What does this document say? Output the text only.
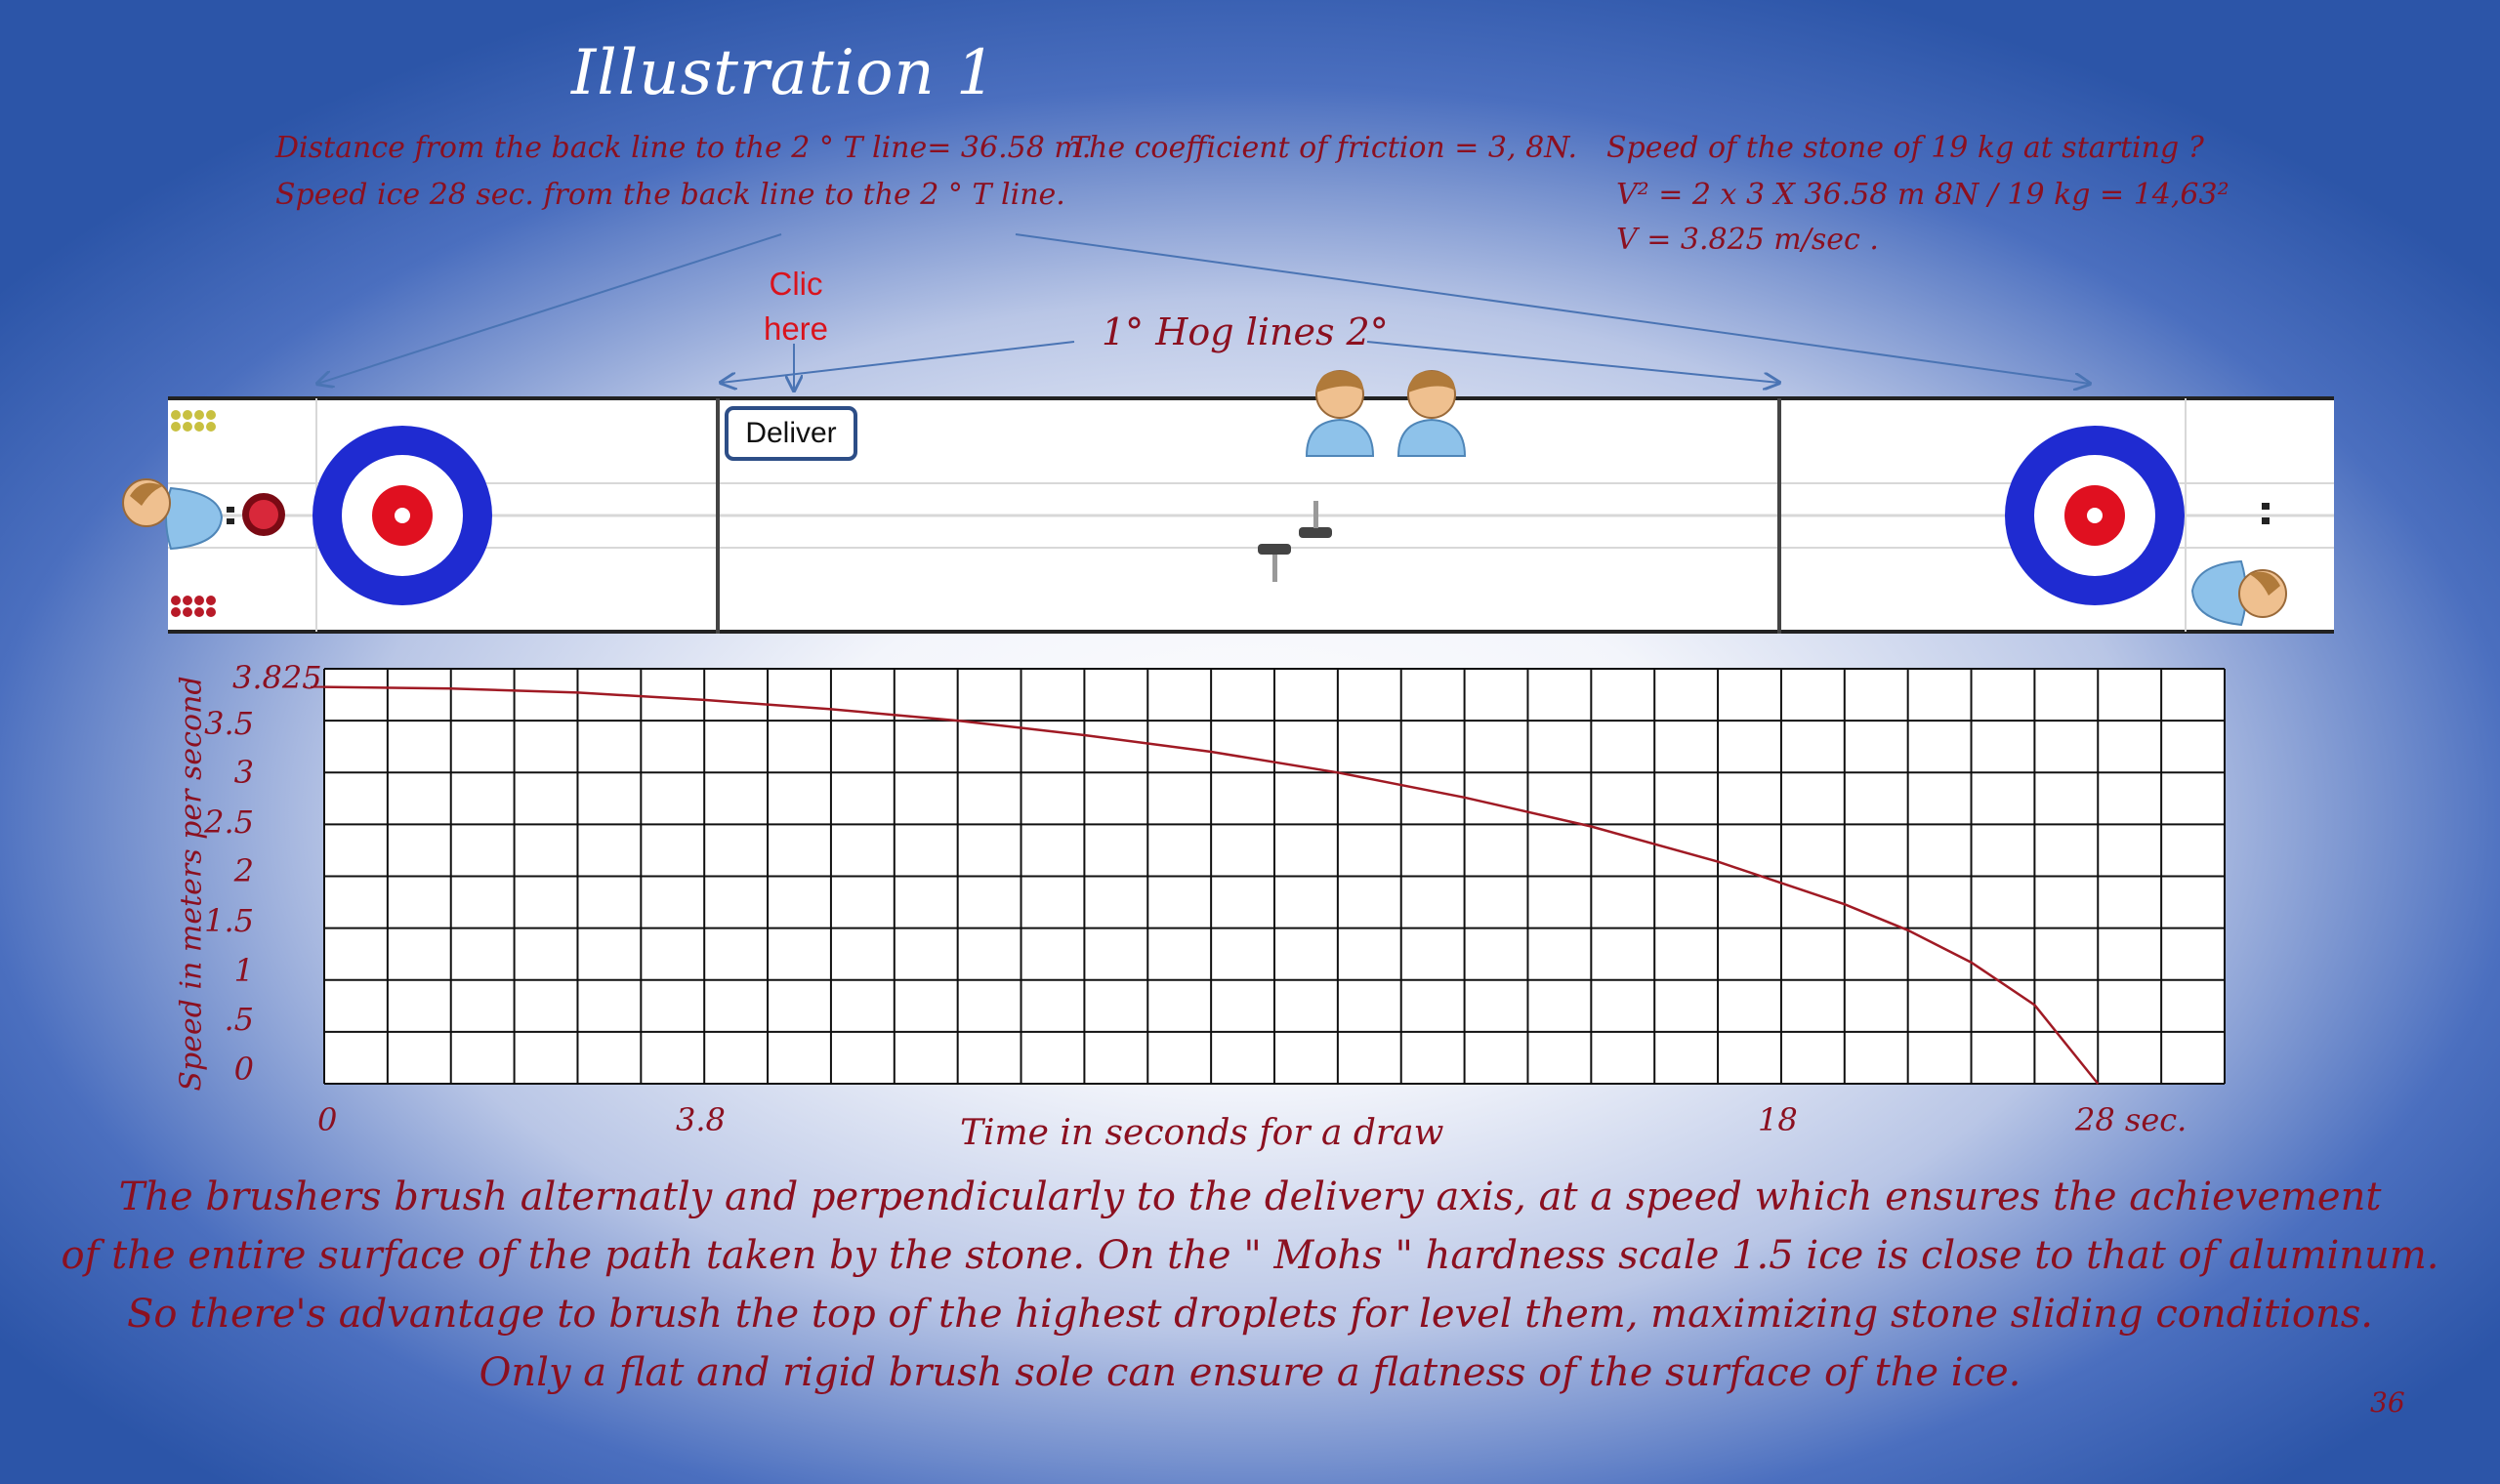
Illustration 1
Distance from the back line to the 2 ° T line= 36.58 m.
Speed ice 28 sec. from the back line to the 2 ° T line.
The coefficient of friction = 3, 8N. Speed of the stone of 19 kg at starting ?
V² = 2 x 3 X 36.58 m 8N / 19 kg = 14,63²
V = 3.825 m/sec .
Clic
here	1° Hog lines 2°
Deliver
Speed in meters per second
Time in seconds for a draw
3.825
3.5
3
2.5
2
1.5
1
.5
0
0	3.8	18	28 sec.
The brushers brush alternatly and perpendicularly to the delivery axis, at a speed which ensures the achievement
of the entire surface of the path taken by the stone. On the " Mohs " hardness scale 1.5 ice is close to that of aluminum.
So there's advantage to brush the top of the highest droplets for level them, maximizing stone sliding conditions.
Only a flat and rigid brush sole can ensure a flatness of the surface of the ice.
36
